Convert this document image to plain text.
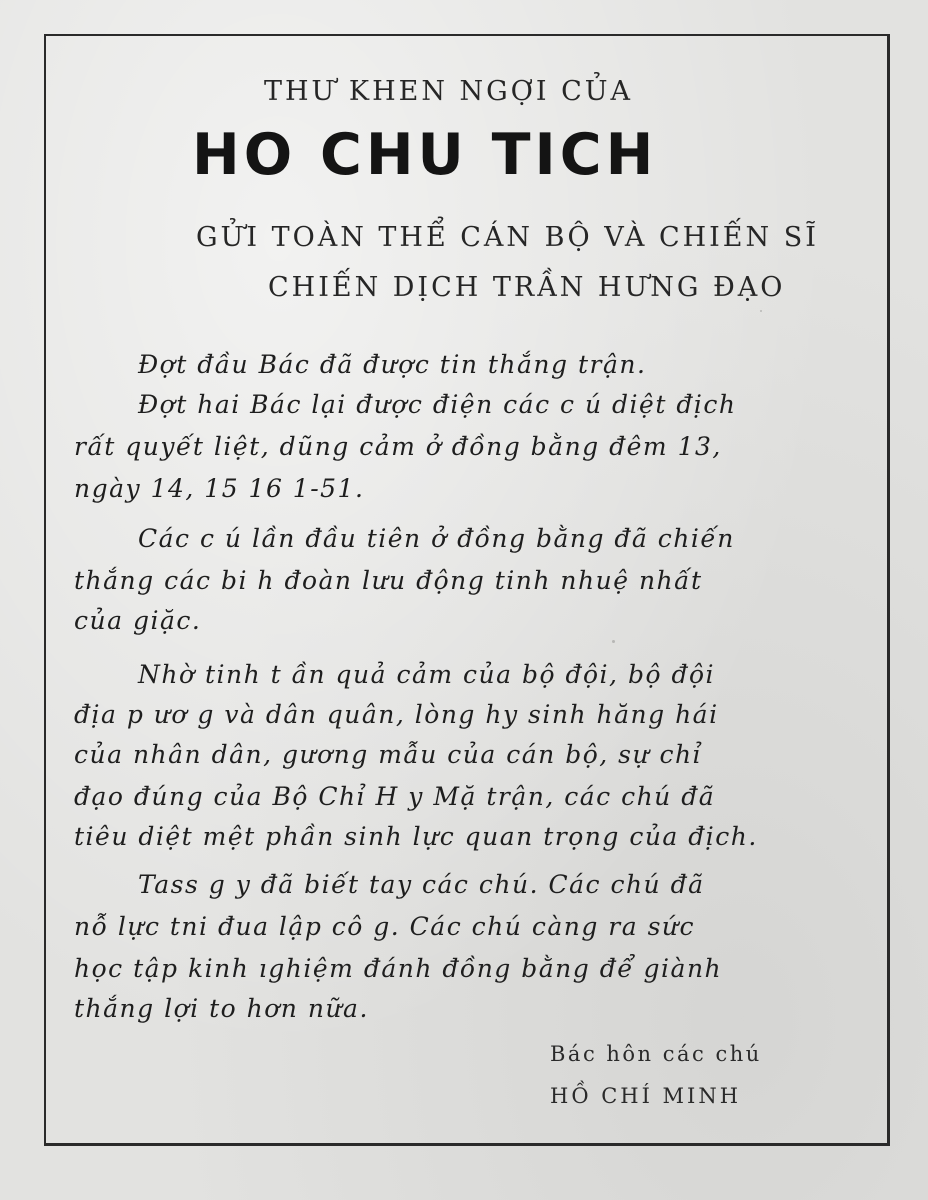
THƯ KHEN NGỢI CỦA
HO CHU TICH
GỬI TOÀN THỂ CÁN BỘ VÀ CHIẾN SĨ
CHIẾN DỊCH TRẦN HƯNG ĐẠO
Đợt đầu Bác đã được tin thắng trận.
Đợt hai Bác lại được điện các c ú diệt địch
rất quyết liệt, dũng cảm ở đồng bằng đêm 13,
ngày 14, 15 16 1-51.
Các c ú lần đầu tiên ở đồng bằng đã chiến
thắng các bi h đoàn lưu động tinh nhuệ nhất
của giặc.
Nhờ tinh t ần quả cảm của bộ đội, bộ đội
địa p ươ g và dân quân, lòng hy sinh hăng hái
của nhân dân, gương mẫu của cán bộ, sự chỉ
đạo đúng của Bộ Chỉ H y Mặ trận, các chú đã
tiêu diệt mệt phần sinh lực quan trọng của địch.
Tass g y đã biết tay các chú. Các chú đã
nỗ lực tni đua lập cô g. Các chú càng ra sức
học tập kinh ıghiệm đánh đồng bằng để giành
thắng lợi to hơn nữa.
Bác hôn các chú
HỒ CHÍ MINH
